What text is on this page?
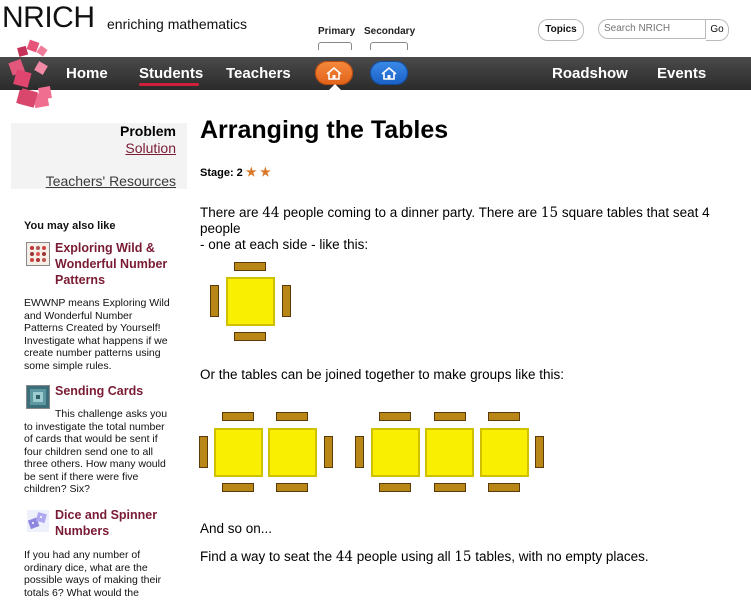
NRICH enriching mathematics	Primary Secondary	Topics
Search NRICH	Go
Home Students Teachers	Roadshow Events
Problem
Solution
Teachers' Resources
You may also like
Exploring Wild &
Wonderful Number
Patterns
EWWNP means Exploring Wild
and Wonderful Number
Patterns Created by Yourself!
Investigate what happens if we
create number patterns using
some simple rules.
Sending Cards
This challenge asks you
to investigate the total number
of cards that would be sent if
four children send one to all
three others. How many would
be sent if there were five
children? Six?
Dice and Spinner
Numbers
If you had any number of
ordinary dice, what are the
possible ways of making their
totals 6? What would the
Arranging the Tables
Stage: 2 ★ ★
There are 44 people coming to a dinner party. There are 15 square tables that seat 4 people
- one at each side - like this:
Or the tables can be joined together to make groups like this:
And so on...
Find a way to seat the 44 people using all 15 tables, with no empty places.
